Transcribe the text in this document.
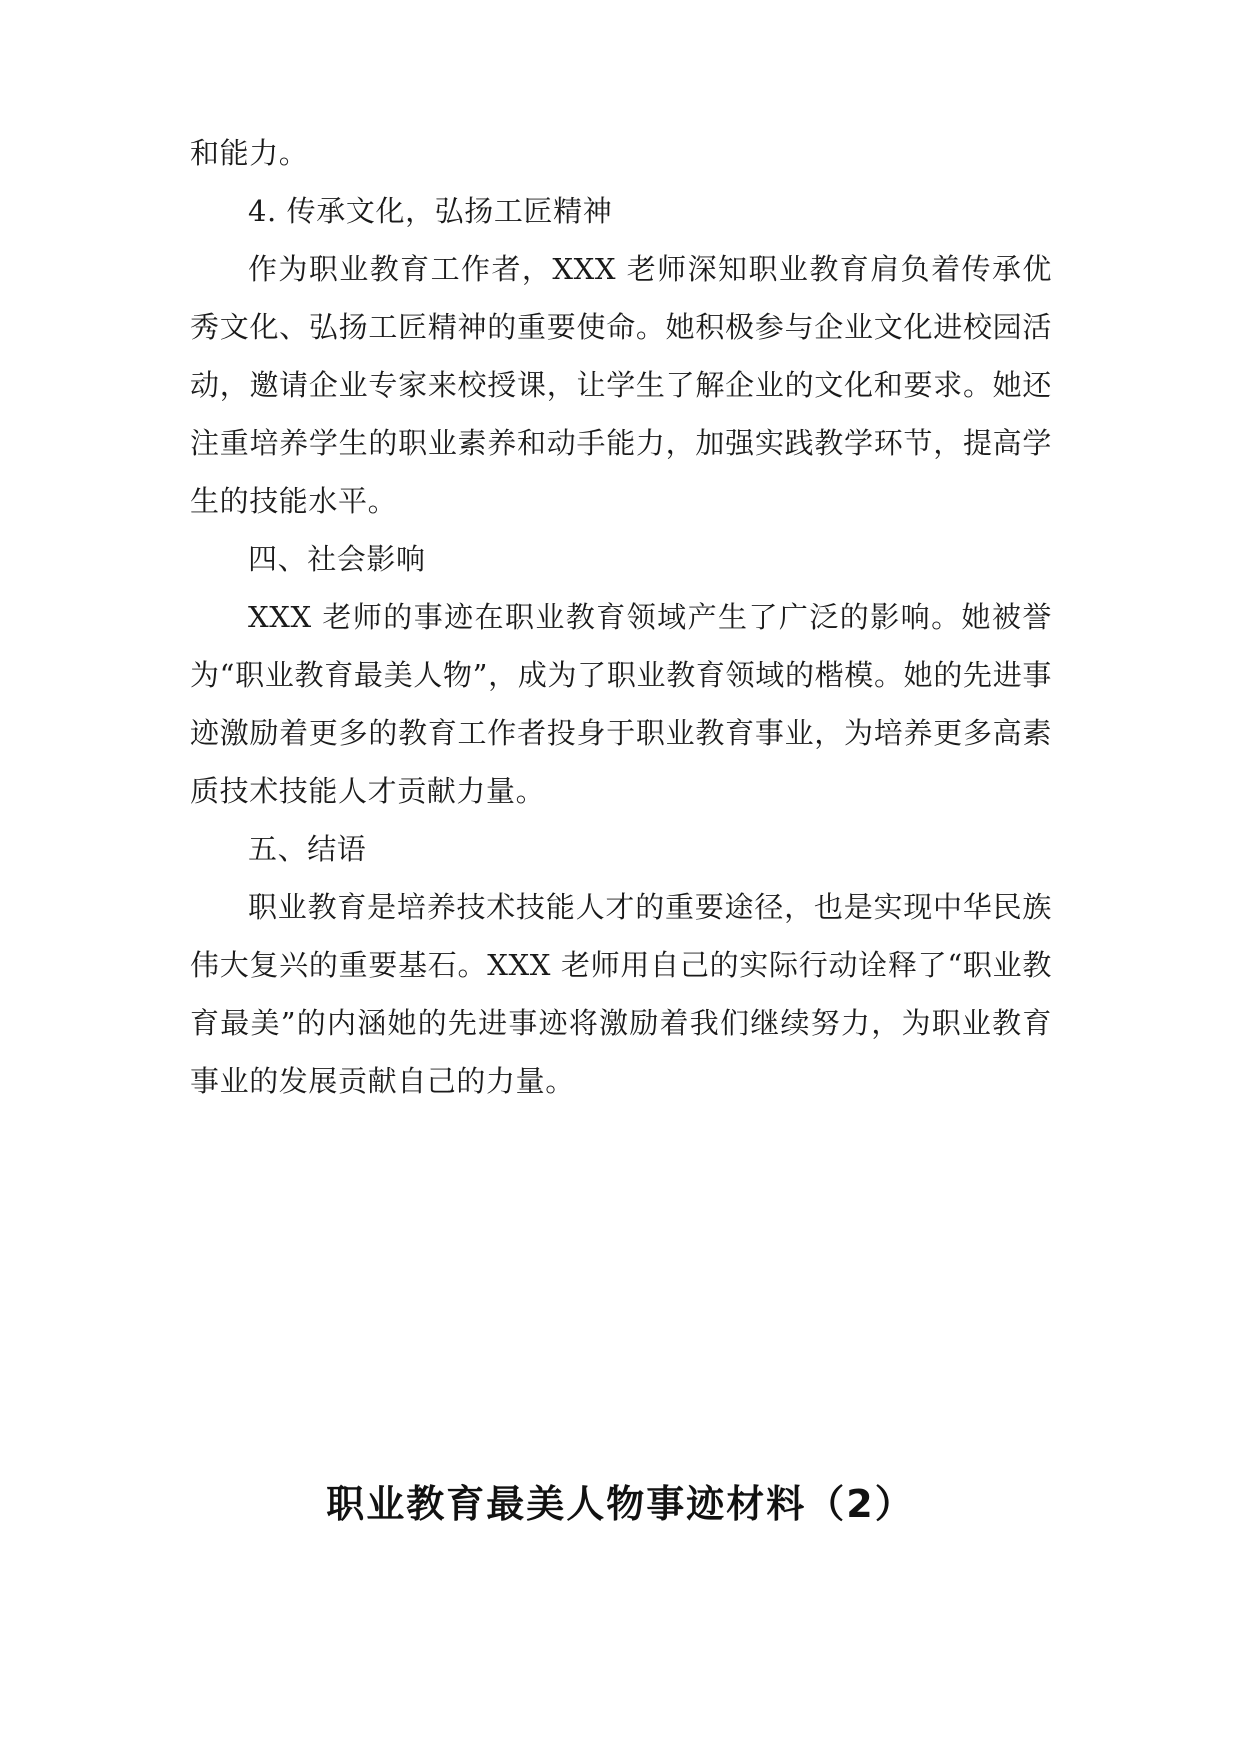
和能力。

4. 传承文化，弘扬工匠精神

作为职业教育工作者，XXX 老师深知职业教育肩负着传承优秀文化、弘扬工匠精神的重要使命。她积极参与企业文化进校园活动，邀请企业专家来校授课，让学生了解企业的文化和要求。她还注重培养学生的职业素养和动手能力，加强实践教学环节，提高学生的技能水平。

四、社会影响

XXX 老师的事迹在职业教育领域产生了广泛的影响。她被誉为“职业教育最美人物”，成为了职业教育领域的楷模。她的先进事迹激励着更多的教育工作者投身于职业教育事业，为培养更多高素质技术技能人才贡献力量。

五、结语

职业教育是培养技术技能人才的重要途径，也是实现中华民族伟大复兴的重要基石。XXX 老师用自己的实际行动诠释了“职业教育最美”的内涵她的先进事迹将激励着我们继续努力，为职业教育事业的发展贡献自己的力量。

职业教育最美人物事迹材料（2）
